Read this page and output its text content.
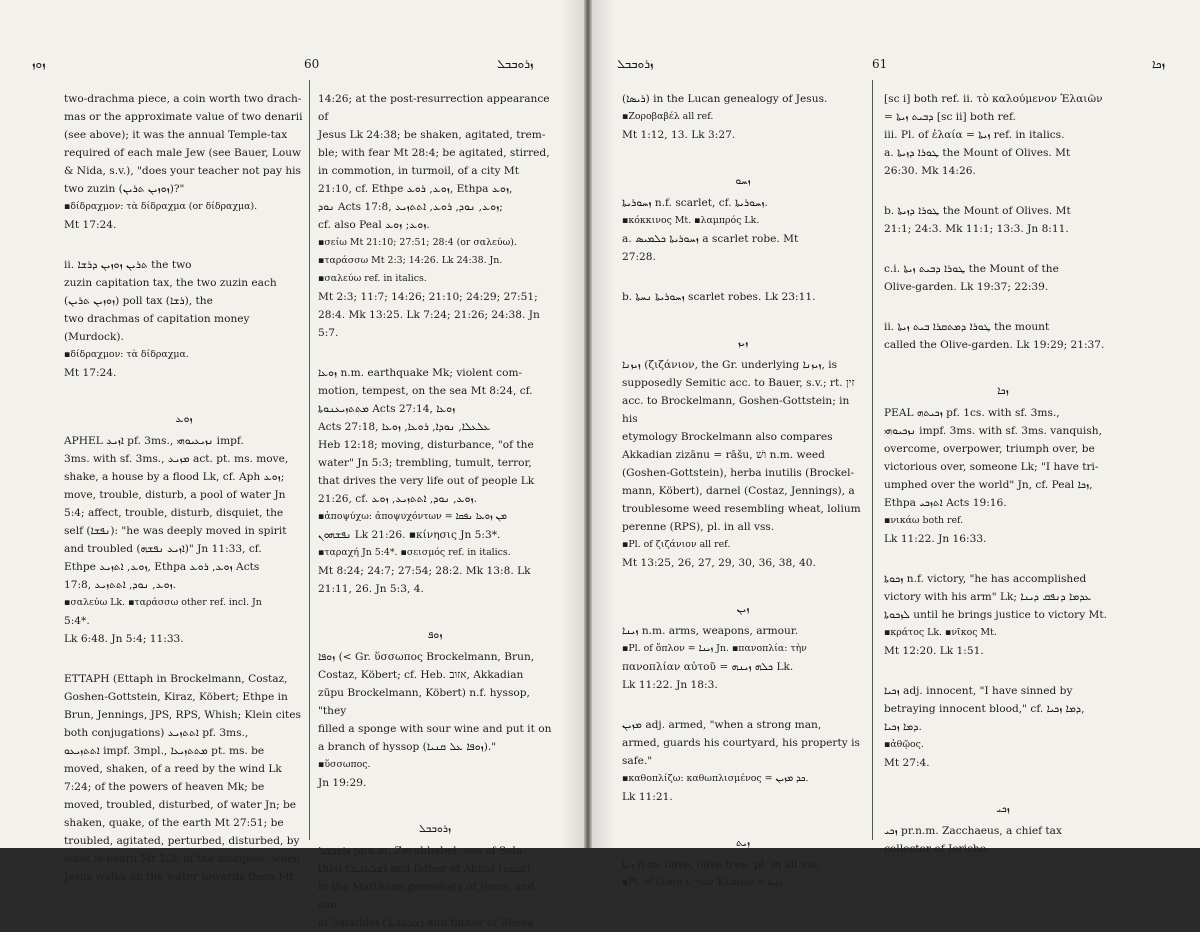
ܙܘܙ	60	ܙܪܘܒܒܠ

two-drachma piece, a coin worth two drach-

mas or the approximate value of two denarii

(see above); it was the annual Temple-tax

required of each male Jew (see Bauer, Louw

& Nida, s.v.), "does your teacher not pay his

two zuzin (ܙܘܙܝܢ ܬܪܝܢ)?"

▪δίδραχμον: τὰ δίδραχμα (or δίδραχμα).

Mt 17:24.

ii. ܬܪܝܢ ܙܘܙܝܢ ܕܪܫܐ the two

zuzin capitation tax, the two zuzin each

(ܙܘܙܝܢ ܬܪܝܢ) poll tax (ܪܫܐ), the

two drachmas of capitation money (Murdock).

▪δίδραχμον: τὰ δίδραχμα.

Mt 17:24.

ܙܘܥ

APHEL ܐܙܝܥ pf. 3ms., ܢܙܝܥܝܘܗܝ impf.

3ms. with sf. 3ms., ܡܙܝܥ act. pt. ms. move,

shake, a house by a flood Lk, cf. Aph ܙܘܥ;

move, trouble, disturb, a pool of water Jn

5:4; affect, trouble, disturb, disquiet, the

self (ܢܦܫܐ): "he was deeply moved in spirit

and troubled (ܐܙܝܥ ܢܦܫܗ)" Jn 11:33, cf.

Ethpe ܙܘܥ, ܐܬܙܝܥ, Ethpa ܙܘܥ, ܪܘܥ Acts

17:8, ܙܘܥ, ܢܘܕ, ܐܬܬܙܝܥ.

▪σαλεύω Lk. ▪ταράσσω other ref. incl. Jn

5:4*.

Lk 6:48. Jn 5:4; 11:33.

ETTAPH (Ettaph in Brockelmann, Costaz,

Goshen-Gottstein, Kiraz, Köbert; Ethpe in

Brun, Jennings, JPS, RPS, Whish; Klein cites

both conjugations) ܐܬܬܙܝܥ pf. 3ms.,

ܐܬܬܙܝܥܘ impf. 3mpl., ܡܬܬܙܝܥܐ pt. ms. be

moved, shaken, of a reed by the wind Lk

7:24; of the powers of heaven Mk; be

moved, troubled, disturbed, of water Jn; be

shaken, quake, of the earth Mt 27:51; be

troubled, agitated, perturbed, disturbed, by

what is heard Mt 2:3; of the disciples: when

Jesus walks on the water towards them Mt

14:26; at the post-resurrection appearance of

Jesus Lk 24:38; be shaken, agitated, trem-

ble; with fear Mt 28:4; be agitated, stirred,

in commotion, in turmoil, of a city Mt

21:10, cf. Ethpe ܙܘܥ, ܪܘܥ, Ethpa ܙܘܥ,

ܢܘܕ Acts 17:8, ܙܘܥ, ܢܘܕ, ܪܘܥ, ܐܬܬܙܝܥ;

cf. also Peal ܙܘܥ; ܙܘܥ.

▪σείω Mt 21:10; 27:51; 28:4 (or σαλεύω).

▪ταράσσω Mt 2:3; 14:26. Lk 24:38. Jn.

▪σαλεύω ref. in italics.

Mt 2:3; 11:7; 14:26; 21:10; 24:29; 27:51;

28:4. Mk 13:25. Lk 7:24; 21:26; 24:38. Jn 5:7.

ܙܘܥܐ n.m. earthquake Mk; violent com-

motion, tempest, on the sea Mt 8:24, cf.

ܡܬܬܙܝܥܢܘܬܐ Acts 27:14, ܙܘܥܐ

Acts 27:18, ܥܠܥܠܐ, ܢܘܕܐ, ܪܘܥܐ, ܙܘܥܐ

Heb 12:18; moving, disturbance, "of the

water" Jn 5:3; trembling, tumult, terror,

that drives the very life out of people Lk

21:26, cf. ܙܘܥ, ܢܘܕ, ܐܬܬܙܝܥ, ܙܘܥ.

▪ἀποψύχω: ἀποψυχόντων = ܡܢ ܙܘܥܐ ܢܦܩܐ

ܢܦܫܗܘܢ Lk 21:26. ▪κίνησις Jn 5:3*.

▪ταραχή Jn 5:4*. ▪σεισμός ref. in italics.

Mt 8:24; 24:7; 27:54; 28:2. Mk 13:8. Lk

21:11, 26. Jn 5:3, 4.

ܙܘܦ

ܙܘܦܐ (< Gr. ὕσσωπος Brockelmann, Brun,

Costaz, Köbert; cf. Heb. אזוב, Akkadian

zūpu Brockelmann, Köbert) n.f. hyssop, "they

filled a sponge with sour wine and put it on

a branch of hyssop (ܙܘܦܐ ܥܠ ܩܢܝܐ)."

▪ὕσσωπος.

Jn 19:29.

ܙܪܘܒܒܠ

ܙܪܘܒܒܠ pr.n.m. Zerubbabel, son of Sala-

thiel (ܫܠܬܐܝܠ) and father of Abiud (ܐܒܝܘܕ)

in the Matthean genealogy of Jesus, and son

of Salathiel (ܫܠܬܐܝܠ) and father of Rhesa

ܙܪܘܒܒܠ	61	ܙܟܐ

(ܪܝܣܐ) in the Lucan genealogy of Jesus.

▪Ζοροβαβέλ all ref.

Mt 1:12, 13. Lk 3:27.

ܙܚܘ

ܙܚܘܪܝܬܐ n.f. scarlet, cf. ܙܚܘܪܝܬܐ.

▪κόκκινος Mt. ▪λαμπρός Lk.

a. ܙܚܘܪܝܬܐ ܟܠܡܝܣ a scarlet robe. Mt

27:28.

b. ܙܚܘܪܝܬܐ ܢܚܬܐ scarlet robes. Lk 23:11.

ܙܝܙ

ܙܝܙܢܐ (ζιζάνιον, the Gr. underlying ܙܝܙܢܐ, is

supposedly Semitic acc. to Bauer, s.v.; rt. זין

acc. to Brockelmann, Goshen-Gottstein; in his

etymology Brockelmann also compares

Akkadian zizānu = rāšu, ושׁ n.m. weed

(Goshen-Gottstein), herba inutilis (Brockel-

mann, Köbert), darnel (Costaz, Jennings), a

troublesome weed resembling wheat, lolium

perenne (RPS), pl. in all vss.

▪Pl. of ζιζάνιον all ref.

Mt 13:25, 26, 27, 29, 30, 36, 38, 40.

ܙܝܢ

ܙܝܢܐ n.m. arms, weapons, armour.

▪Pl. of ὅπλον = ܙܝܢܐ Jn. ▪πανοπλία: τὴν

πανοπλίαν αὐτοῦ = ܟܠܗ ܙܝܢܗ Lk.

Lk 11:22. Jn 18:3.

ܡܙܝܢ adj. armed, "when a strong man,

armed, guards his courtyard, his property is

safe."

▪καθοπλίζω: καθωπλισμένος = ܟܕ ܡܙܝܢ.

Lk 11:21.

ܙܝܬ

ܙܝܬܐ n.m. olive, olive tree, pl. in all vss.

▪Pl. of ἐλαία i. τῶν Ἐλαιῶν = ܕܙܝܬܐ

[sc i] both ref. ii. τὸ καλούμενον Ἐλαιῶν

= ܕܒܝܬ ܙܝܬܐ [sc ii] both ref.

iii. Pl. of ἐλαία = ܙܝܬܐ ref. in italics.

a. ܛܘܪܐ ܕܙܝܬܐ the Mount of Olives. Mt

26:30. Mk 14:26.

b. ܛܘܪܐ ܕܙܝܬܐ the Mount of Olives. Mt

21:1; 24:3. Mk 11:1; 13:3. Jn 8:11.

c.i. ܛܘܪܐ ܕܒܝܬ ܙܝܬܐ the Mount of the

Olive-garden. Lk 19:37; 22:39.

ii. ܛܘܪܐ ܕܡܬܩܪܐ ܒܝܬ ܙܝܬܐ the mount

called the Olive-garden. Lk 19:29; 21:37.

ܙܟܐ

PEAL ܙܟܝܬܗ pf. 1cs. with sf. 3ms.,

ܢܙܟܝܘܗܝ impf. 3ms. with sf. 3ms. vanquish,

overcome, overpower, triumph over, be

victorious over, someone Lk; "I have tri-

umphed over the world" Jn, cf. Peal ܙܟܐ,

Ethpa ܐܬܙܟܝ Acts 19:16.

▪νικάω both ref.

Lk 11:22. Jn 16:33.

ܙܟܘܬܐ n.f. victory, "he has accomplished

victory with his arm" Lk; ܥܕܡܐ ܕܢܦܩ ܕܝܢܐ

ܠܙܟܘܬܐ until he brings justice to victory Mt.

▪κράτος Lk. ▪νῖκος Mt.

Mt 12:20. Lk 1:51.

ܙܟܝܐ adj. innocent, "I have sinned by

betraying innocent blood," cf. ܕܡܐ ܙܟܝܐ,

ܕܡܐ ܙܟܝܐ.

▪ἀθῷος.

Mt 27:4.

ܙܟܝ

ܙܟܝ pr.n.m. Zacchaeus, a chief tax

collector of Jericho.
